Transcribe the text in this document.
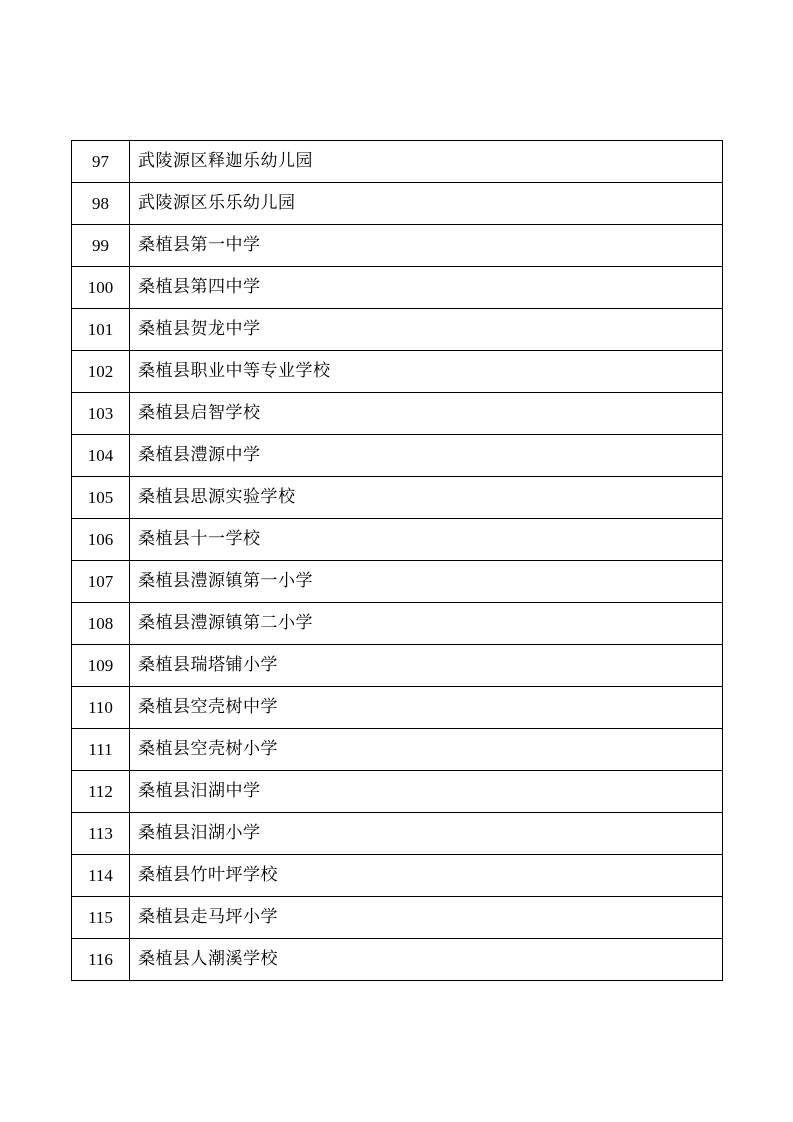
97	武陵源区释迦乐幼儿园
98	武陵源区乐乐幼儿园
99	桑植县第一中学
100	桑植县第四中学
101	桑植县贺龙中学
102	桑植县职业中等专业学校
103	桑植县启智学校
104	桑植县澧源中学
105	桑植县思源实验学校
106	桑植县十一学校
107	桑植县澧源镇第一小学
108	桑植县澧源镇第二小学
109	桑植县瑞塔铺小学
110	桑植县空壳树中学
111	桑植县空壳树小学
112	桑植县汨湖中学
113	桑植县汨湖小学
114	桑植县竹叶坪学校
115	桑植县走马坪小学
116	桑植县人潮溪学校
